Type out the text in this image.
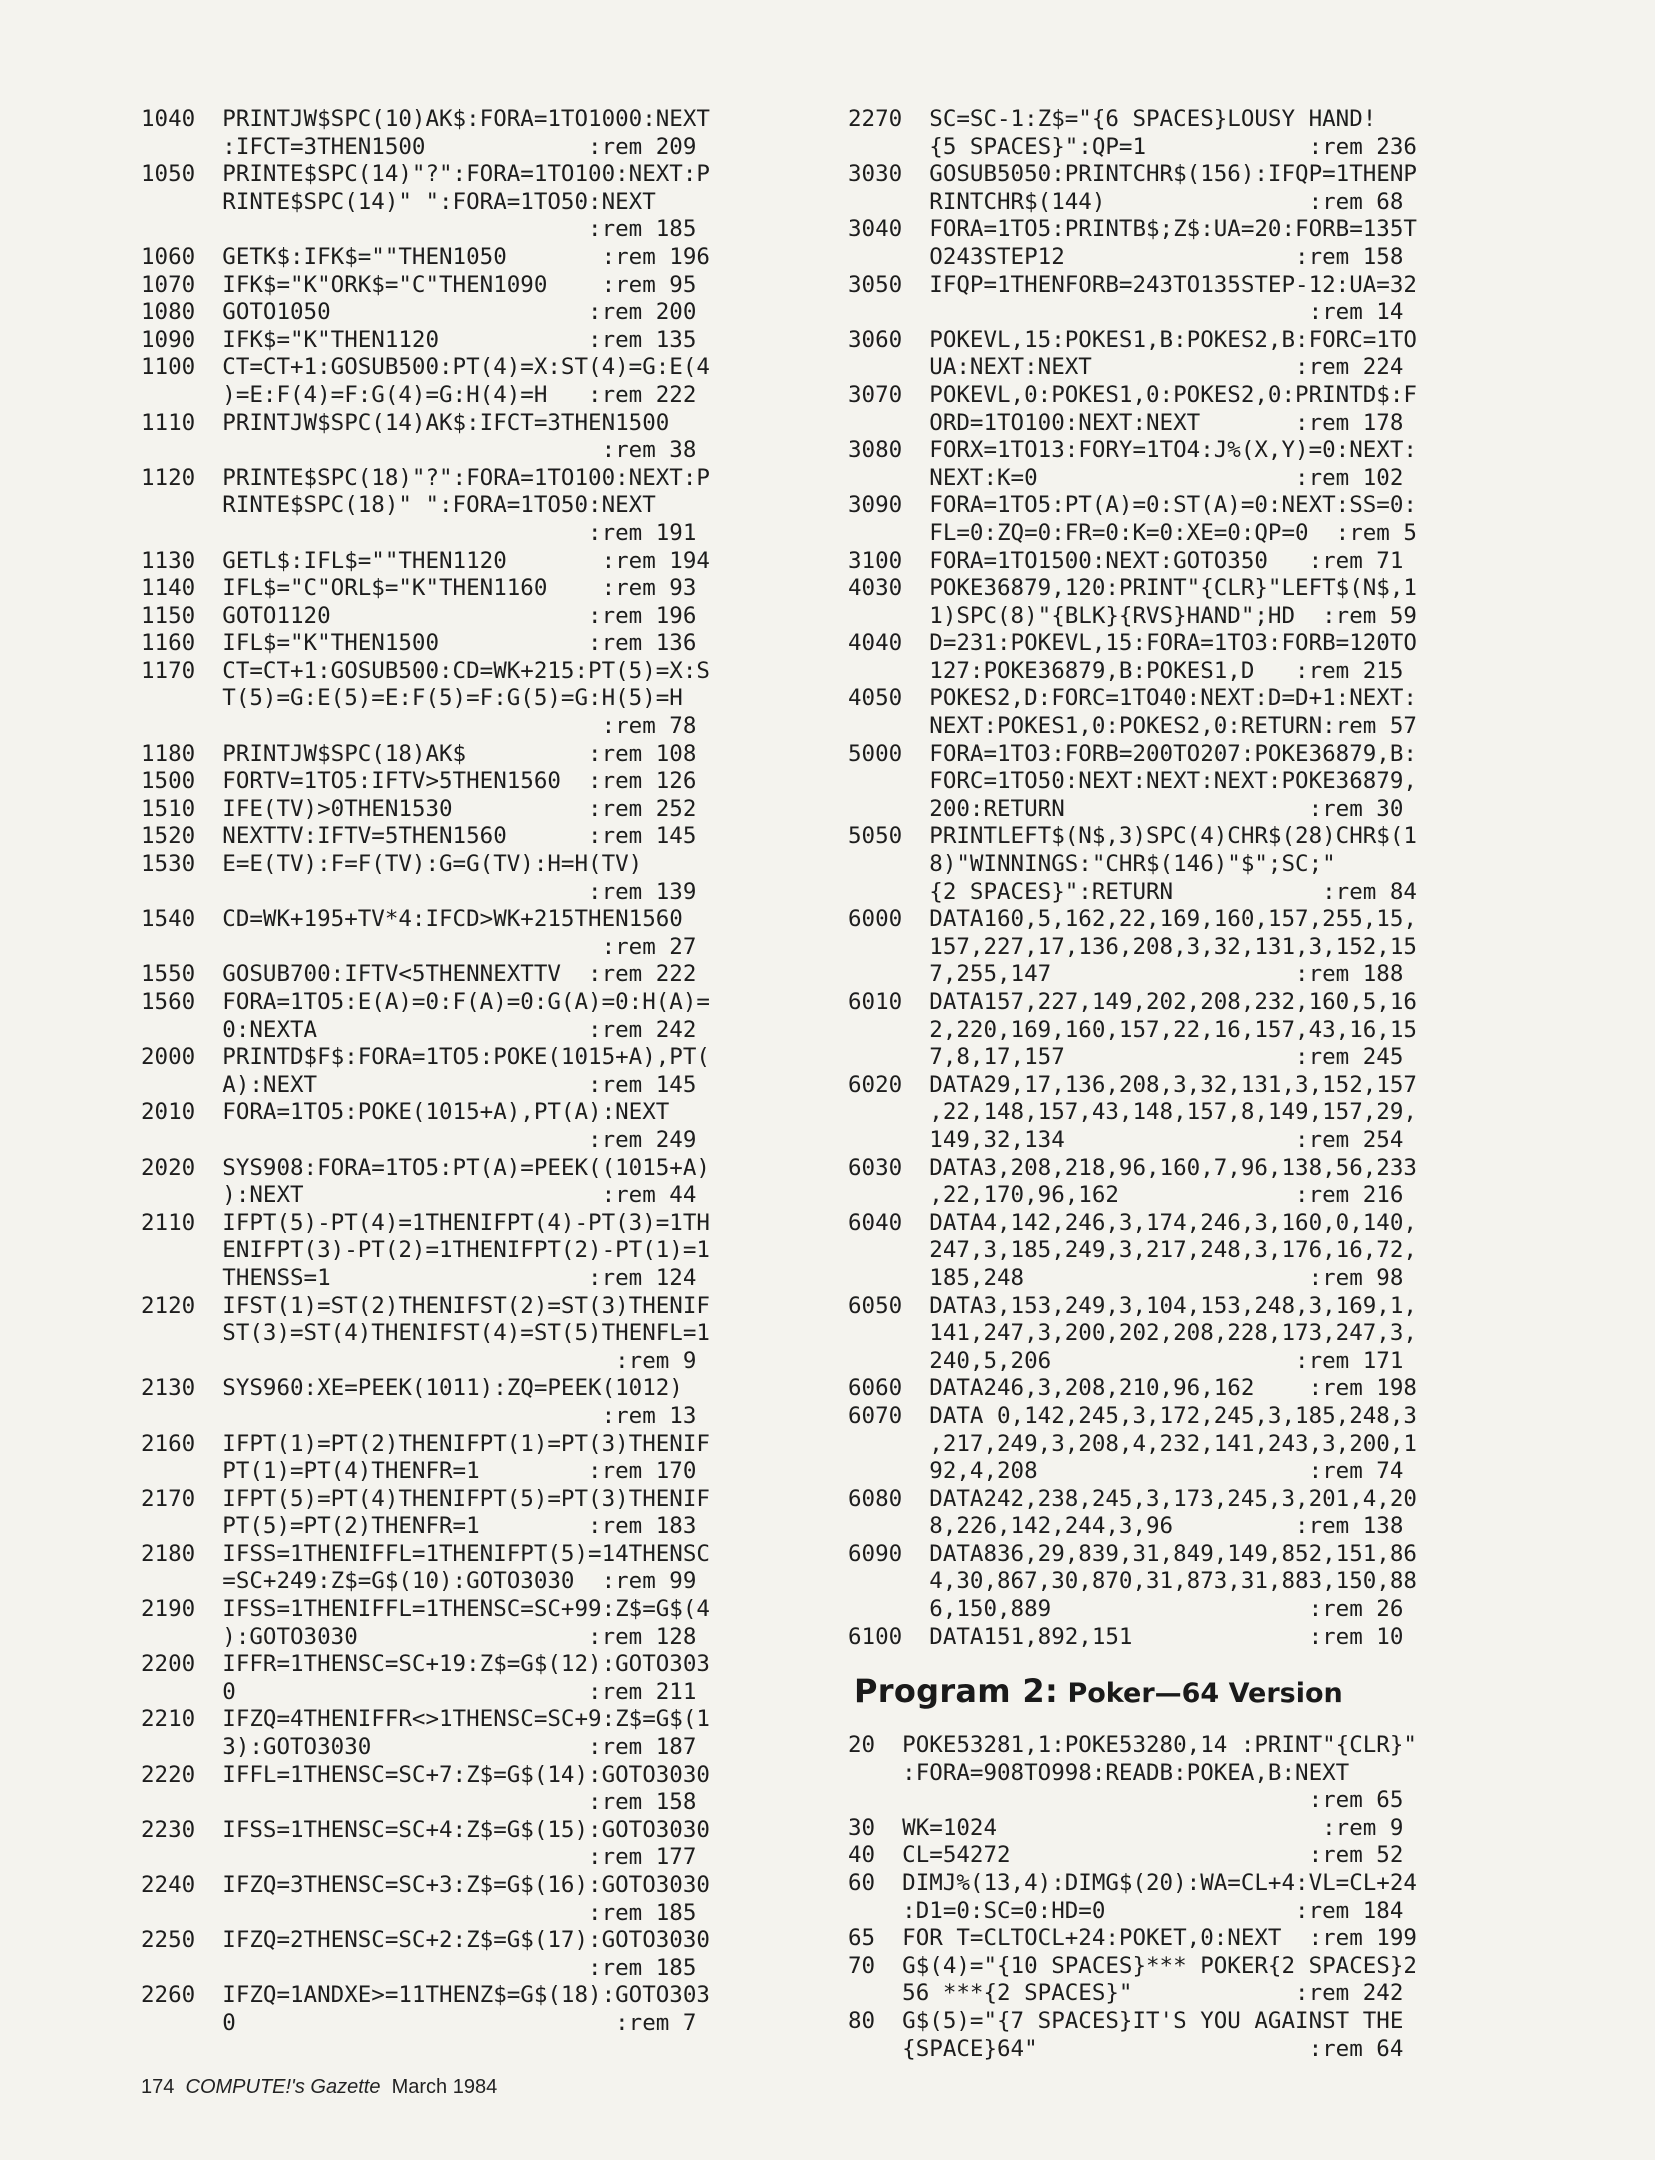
1040  PRINTJW$SPC(10)AK$:FORA=1TO1000:NEXT
:IFCT=3THEN1500            :rem 209
1050  PRINTE$SPC(14)"?":FORA=1TO100:NEXT:P
RINTE$SPC(14)" ":FORA=1TO50:NEXT
:rem 185
1060  GETK$:IFK$=""THEN1050       :rem 196
1070  IFK$="K"ORK$="C"THEN1090    :rem 95
1080  GOTO1050                   :rem 200
1090  IFK$="K"THEN1120           :rem 135
1100  CT=CT+1:GOSUB500:PT(4)=X:ST(4)=G:E(4
)=E:F(4)=F:G(4)=G:H(4)=H   :rem 222
1110  PRINTJW$SPC(14)AK$:IFCT=3THEN1500
:rem 38
1120  PRINTE$SPC(18)"?":FORA=1TO100:NEXT:P
RINTE$SPC(18)" ":FORA=1TO50:NEXT
:rem 191
1130  GETL$:IFL$=""THEN1120       :rem 194
1140  IFL$="C"ORL$="K"THEN1160    :rem 93
1150  GOTO1120                   :rem 196
1160  IFL$="K"THEN1500           :rem 136
1170  CT=CT+1:GOSUB500:CD=WK+215:PT(5)=X:S
T(5)=G:E(5)=E:F(5)=F:G(5)=G:H(5)=H
:rem 78
1180  PRINTJW$SPC(18)AK$         :rem 108
1500  FORTV=1TO5:IFTV>5THEN1560  :rem 126
1510  IFE(TV)>0THEN1530          :rem 252
1520  NEXTTV:IFTV=5THEN1560      :rem 145
1530  E=E(TV):F=F(TV):G=G(TV):H=H(TV)
:rem 139
1540  CD=WK+195+TV*4:IFCD>WK+215THEN1560
:rem 27
1550  GOSUB700:IFTV<5THENNEXTTV  :rem 222
1560  FORA=1TO5:E(A)=0:F(A)=0:G(A)=0:H(A)=
0:NEXTA                    :rem 242
2000  PRINTD$F$:FORA=1TO5:POKE(1015+A),PT(
A):NEXT                    :rem 145
2010  FORA=1TO5:POKE(1015+A),PT(A):NEXT
:rem 249
2020  SYS908:FORA=1TO5:PT(A)=PEEK((1015+A)
):NEXT                      :rem 44
2110  IFPT(5)-PT(4)=1THENIFPT(4)-PT(3)=1TH
ENIFPT(3)-PT(2)=1THENIFPT(2)-PT(1)=1
THENSS=1                   :rem 124
2120  IFST(1)=ST(2)THENIFST(2)=ST(3)THENIF
ST(3)=ST(4)THENIFST(4)=ST(5)THENFL=1
:rem 9
2130  SYS960:XE=PEEK(1011):ZQ=PEEK(1012)
:rem 13
2160  IFPT(1)=PT(2)THENIFPT(1)=PT(3)THENIF
PT(1)=PT(4)THENFR=1        :rem 170
2170  IFPT(5)=PT(4)THENIFPT(5)=PT(3)THENIF
PT(5)=PT(2)THENFR=1        :rem 183
2180  IFSS=1THENIFFL=1THENIFPT(5)=14THENSC
=SC+249:Z$=G$(10):GOTO3030  :rem 99
2190  IFSS=1THENIFFL=1THENSC=SC+99:Z$=G$(4
):GOTO3030                 :rem 128
2200  IFFR=1THENSC=SC+19:Z$=G$(12):GOTO303
0                          :rem 211
2210  IFZQ=4THENIFFR<>1THENSC=SC+9:Z$=G$(1
3):GOTO3030                :rem 187
2220  IFFL=1THENSC=SC+7:Z$=G$(14):GOTO3030
:rem 158
2230  IFSS=1THENSC=SC+4:Z$=G$(15):GOTO3030
:rem 177
2240  IFZQ=3THENSC=SC+3:Z$=G$(16):GOTO3030
:rem 185
2250  IFZQ=2THENSC=SC+2:Z$=G$(17):GOTO3030
:rem 185
2260  IFZQ=1ANDXE>=11THENZ$=G$(18):GOTO303
0                            :rem 7
2270  SC=SC-1:Z$="{6 SPACES}LOUSY HAND!
{5 SPACES}":QP=1            :rem 236
3030  GOSUB5050:PRINTCHR$(156):IFQP=1THENP
RINTCHR$(144)               :rem 68
3040  FORA=1TO5:PRINTB$;Z$:UA=20:FORB=135T
O243STEP12                 :rem 158
3050  IFQP=1THENFORB=243TO135STEP-12:UA=32
:rem 14
3060  POKEVL,15:POKES1,B:POKES2,B:FORC=1TO
UA:NEXT:NEXT               :rem 224
3070  POKEVL,0:POKES1,0:POKES2,0:PRINTD$:F
ORD=1TO100:NEXT:NEXT       :rem 178
3080  FORX=1TO13:FORY=1TO4:J%(X,Y)=0:NEXT:
NEXT:K=0                   :rem 102
3090  FORA=1TO5:PT(A)=0:ST(A)=0:NEXT:SS=0:
FL=0:ZQ=0:FR=0:K=0:XE=0:QP=0  :rem 5
3100  FORA=1TO1500:NEXT:GOTO350   :rem 71
4030  POKE36879,120:PRINT"{CLR}"LEFT$(N$,1
1)SPC(8)"{BLK}{RVS}HAND";HD  :rem 59
4040  D=231:POKEVL,15:FORA=1TO3:FORB=120TO
127:POKE36879,B:POKES1,D   :rem 215
4050  POKES2,D:FORC=1TO40:NEXT:D=D+1:NEXT:
NEXT:POKES1,0:POKES2,0:RETURN:rem 57
5000  FORA=1TO3:FORB=200TO207:POKE36879,B:
FORC=1TO50:NEXT:NEXT:NEXT:POKE36879,
200:RETURN                  :rem 30
5050  PRINTLEFT$(N$,3)SPC(4)CHR$(28)CHR$(1
8)"WINNINGS:"CHR$(146)"$";SC;"
{2 SPACES}":RETURN           :rem 84
6000  DATA160,5,162,22,169,160,157,255,15,
157,227,17,136,208,3,32,131,3,152,15
7,255,147                  :rem 188
6010  DATA157,227,149,202,208,232,160,5,16
2,220,169,160,157,22,16,157,43,16,15
7,8,17,157                 :rem 245
6020  DATA29,17,136,208,3,32,131,3,152,157
,22,148,157,43,148,157,8,149,157,29,
149,32,134                 :rem 254
6030  DATA3,208,218,96,160,7,96,138,56,233
,22,170,96,162             :rem 216
6040  DATA4,142,246,3,174,246,3,160,0,140,
247,3,185,249,3,217,248,3,176,16,72,
185,248                     :rem 98
6050  DATA3,153,249,3,104,153,248,3,169,1,
141,247,3,200,202,208,228,173,247,3,
240,5,206                  :rem 171
6060  DATA246,3,208,210,96,162    :rem 198
6070  DATA 0,142,245,3,172,245,3,185,248,3
,217,249,3,208,4,232,141,243,3,200,1
92,4,208                    :rem 74
6080  DATA242,238,245,3,173,245,3,201,4,20
8,226,142,244,3,96         :rem 138
6090  DATA836,29,839,31,849,149,852,151,86
4,30,867,30,870,31,873,31,883,150,88
6,150,889                   :rem 26
6100  DATA151,892,151             :rem 10
Program 2: Poker—64 Version
20  POKE53281,1:POKE53280,14 :PRINT"{CLR}"
:FORA=908TO998:READB:POKEA,B:NEXT
:rem 65
30  WK=1024                        :rem 9
40  CL=54272                      :rem 52
60  DIMJ%(13,4):DIMG$(20):WA=CL+4:VL=CL+24
:D1=0:SC=0:HD=0              :rem 184
65  FOR T=CLTOCL+24:POKET,0:NEXT  :rem 199
70  G$(4)="{10 SPACES}*** POKER{2 SPACES}2
56 ***{2 SPACES}"            :rem 242
80  G$(5)="{7 SPACES}IT'S YOU AGAINST THE
{SPACE}64"                    :rem 64
174 COMPUTE!'s Gazette March 1984
